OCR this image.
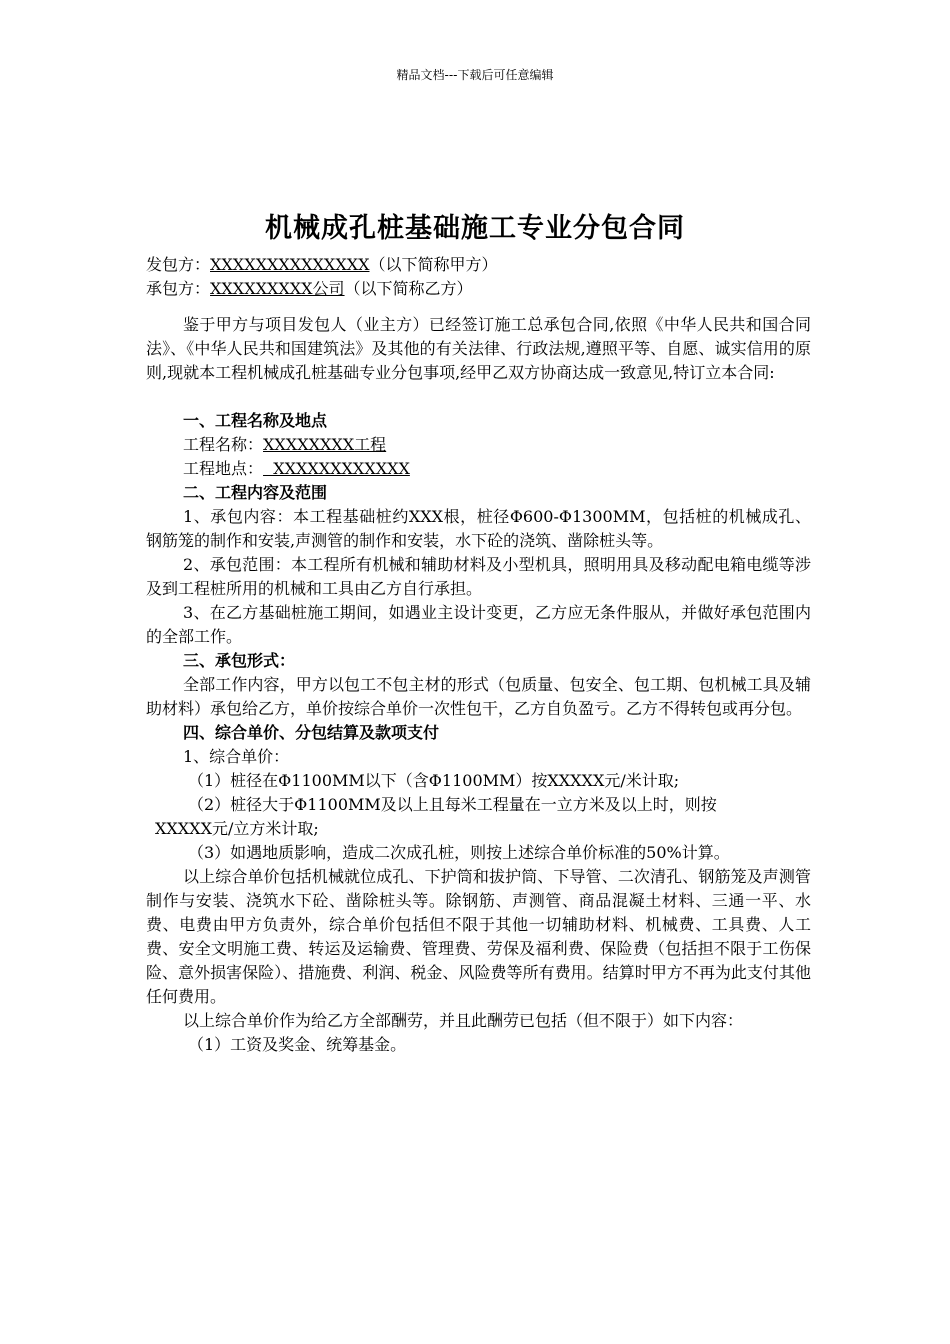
精品文档---下载后可任意编辑
机械成孔桩基础施工专业分包合同

发包方：XXXXXXXXXXXXXX（以下简称甲方）

承包方：XXXXXXXXX公司（以下简称乙方）

鉴于甲方与项目发包人（业主方）已经签订施工总承包合同,依照《中华人民共和国合同法》、《中华人民共和国建筑法》及其他的有关法律、行政法规,遵照平等、自愿、诚实信用的原则,现就本工程机械成孔桩基础专业分包事项,经甲乙双方协商达成一致意见,特订立本合同:

一、工程名称及地点

工程名称：XXXXXXXX工程

工程地点：  XXXXXXXXXXXX

二、工程内容及范围

1、承包内容：本工程基础桩约XXX根，桩径Φ600-Φ1300MM，包括桩的机械成孔、钢筋笼的制作和安装,声测管的制作和安装，水下砼的浇筑、凿除桩头等。

2、承包范围：本工程所有机械和辅助材料及小型机具，照明用具及移动配电箱电缆等涉及到工程桩所用的机械和工具由乙方自行承担。

3、在乙方基础桩施工期间，如遇业主设计变更，乙方应无条件服从，并做好承包范围内的全部工作。

三、承包形式：

全部工作内容，甲方以包工不包主材的形式（包质量、包安全、包工期、包机械工具及辅助材料）承包给乙方，单价按综合单价一次性包干，乙方自负盈亏。乙方不得转包或再分包。

四、综合单价、分包结算及款项支付

1、综合单价：

（1）桩径在Φ1100MM以下（含Φ1100MM）按XXXXX元/米计取;

（2）桩径大于Φ1100MM及以上且每米工程量在一立方米及以上时，则按

XXXXX元/立方米计取;

（3）如遇地质影响，造成二次成孔桩，则按上述综合单价标准的50%计算。

以上综合单价包括机械就位成孔、下护筒和拔护筒、下导管、二次清孔、钢筋笼及声测管制作与安装、浇筑水下砼、凿除桩头等。除钢筋、声测管、商品混凝土材料、三通一平、水费、电费由甲方负责外，综合单价包括但不限于其他一切辅助材料、机械费、工具费、人工费、安全文明施工费、转运及运输费、管理费、劳保及福利费、保险费（包括担不限于工伤保险、意外损害保险）、措施费、利润、税金、风险费等所有费用。结算时甲方不再为此支付其他任何费用。

以上综合单价作为给乙方全部酬劳，并且此酬劳已包括（但不限于）如下内容：

（1）工资及奖金、统筹基金。
